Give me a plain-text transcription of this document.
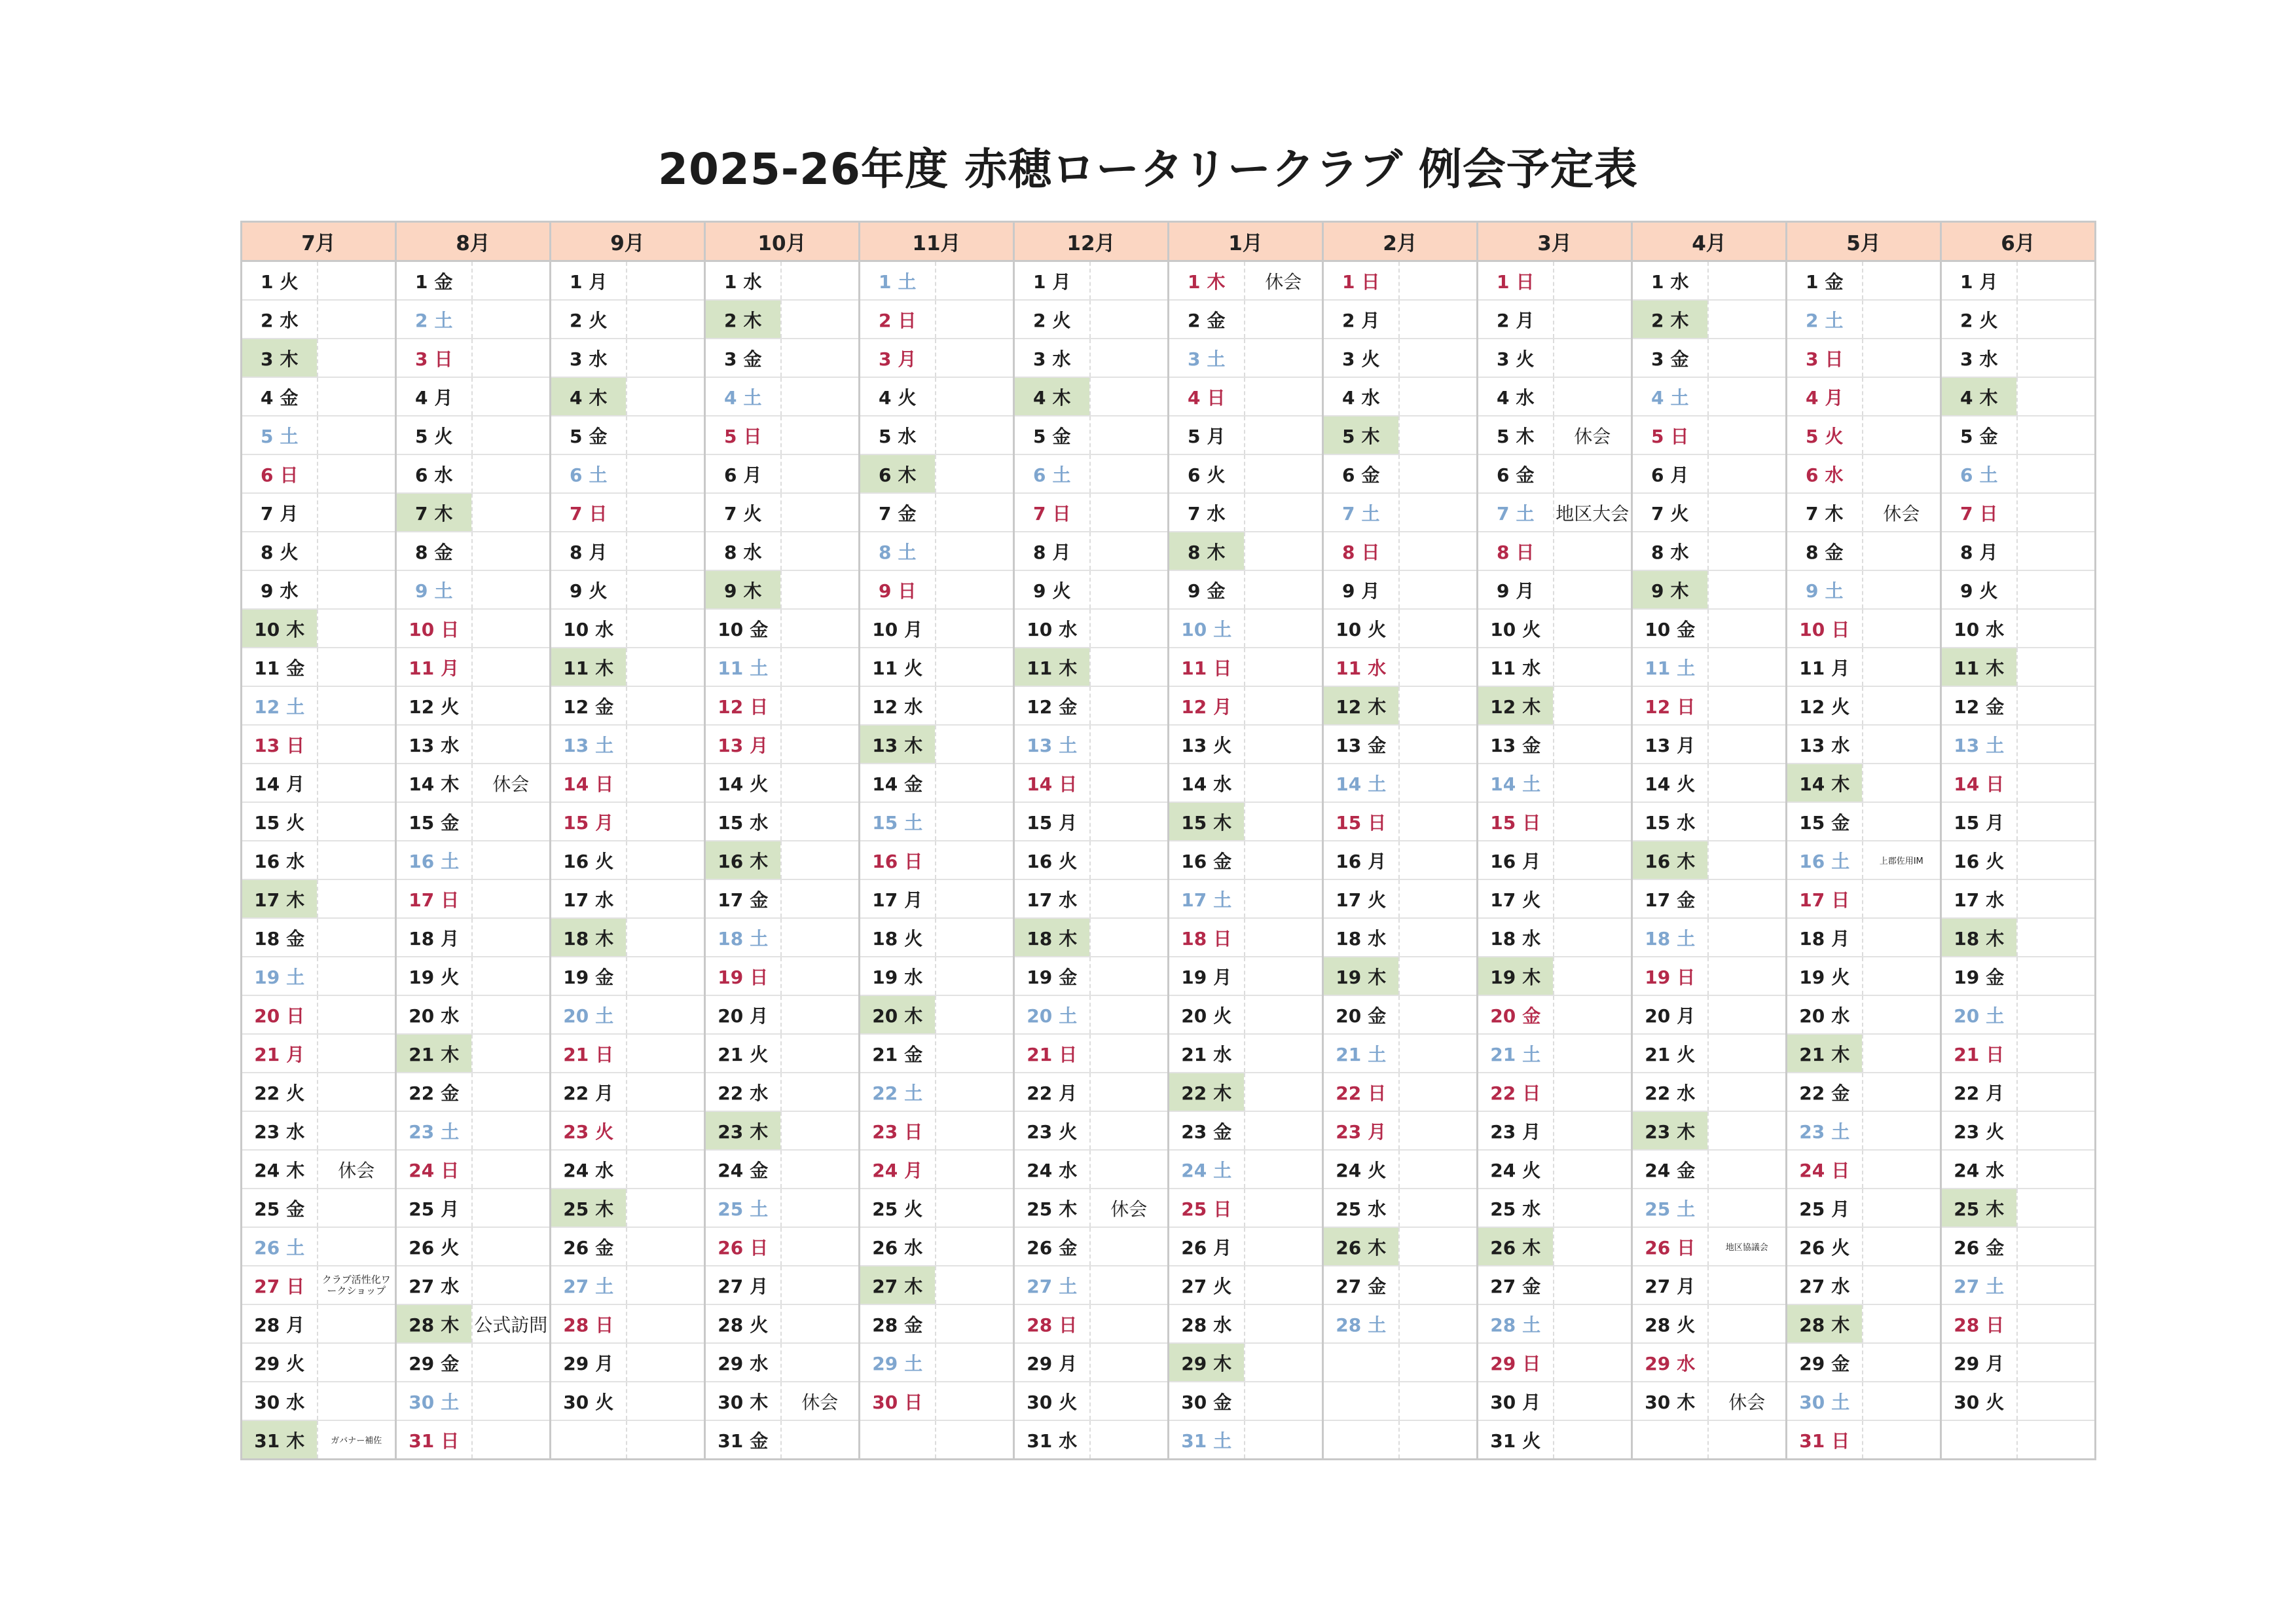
2025-26年度 赤穂ロータリークラブ 例会予定表
7月		8月		9月		10月		11月		12月		1月		2月		3月		4月		5月		6月	
1 火		1 金		1 月		1 水		1 土		1 月		1 木	休会	1 日		1 日		1 水		1 金		1 月	
2 水		2 土		2 火		2 木		2 日		2 火		2 金		2 月		2 月		2 木		2 土		2 火	
3 木		3 日		3 水		3 金		3 月		3 水		3 土		3 火		3 火		3 金		3 日		3 水	
4 金		4 月		4 木		4 土		4 火		4 木		4 日		4 水		4 水		4 土		4 月		4 木	
5 土		5 火		5 金		5 日		5 水		5 金		5 月		5 木		5 木	休会	5 日		5 火		5 金	
6 日		6 水		6 土		6 月		6 木		6 土		6 火		6 金		6 金		6 月		6 水		6 土	
7 月		7 木		7 日		7 火		7 金		7 日		7 水		7 土		7 土	地区大会	7 火		7 木	休会	7 日	
8 火		8 金		8 月		8 水		8 土		8 月		8 木		8 日		8 日		8 水		8 金		8 月	
9 水		9 土		9 火		9 木		9 日		9 火		9 金		9 月		9 月		9 木		9 土		9 火	
10 木		10 日		10 水		10 金		10 月		10 水		10 土		10 火		10 火		10 金		10 日		10 水	
11 金		11 月		11 木		11 土		11 火		11 木		11 日		11 水		11 水		11 土		11 月		11 木	
12 土		12 火		12 金		12 日		12 水		12 金		12 月		12 木		12 木		12 日		12 火		12 金	
13 日		13 水		13 土		13 月		13 木		13 土		13 火		13 金		13 金		13 月		13 水		13 土	
14 月		14 木	休会	14 日		14 火		14 金		14 日		14 水		14 土		14 土		14 火		14 木		14 日	
15 火		15 金		15 月		15 水		15 土		15 月		15 木		15 日		15 日		15 水		15 金		15 月	
16 水		16 土		16 火		16 木		16 日		16 火		16 金		16 月		16 月		16 木		16 土	上郡佐用IM	16 火	
17 木		17 日		17 水		17 金		17 月		17 水		17 土		17 火		17 火		17 金		17 日		17 水	
18 金		18 月		18 木		18 土		18 火		18 木		18 日		18 水		18 水		18 土		18 月		18 木	
19 土		19 火		19 金		19 日		19 水		19 金		19 月		19 木		19 木		19 日		19 火		19 金	
20 日		20 水		20 土		20 月		20 木		20 土		20 火		20 金		20 金		20 月		20 水		20 土	
21 月		21 木		21 日		21 火		21 金		21 日		21 水		21 土		21 土		21 火		21 木		21 日	
22 火		22 金		22 月		22 水		22 土		22 月		22 木		22 日		22 日		22 水		22 金		22 月	
23 水		23 土		23 火		23 木		23 日		23 火		23 金		23 月		23 月		23 木		23 土		23 火	
24 木	休会	24 日		24 水		24 金		24 月		24 水		24 土		24 火		24 火		24 金		24 日		24 水	
25 金		25 月		25 木		25 土		25 火		25 木	休会	25 日		25 水		25 水		25 土		25 月		25 木	
26 土		26 火		26 金		26 日		26 水		26 金		26 月		26 木		26 木		26 日	地区協議会	26 火		26 金	
27 日	クラブ活性化ワークショップ	27 水		27 土		27 月		27 木		27 土		27 火		27 金		27 金		27 月		27 水		27 土	
28 月		28 木	公式訪問	28 日		28 火		28 金		28 日		28 水		28 土		28 土		28 火		28 木		28 日	
29 火		29 金		29 月		29 水		29 土		29 月		29 木				29 日		29 水		29 金		29 月	
30 水		30 土		30 火		30 木	休会	30 日		30 火		30 金				30 月		30 木	休会	30 土		30 火	
31 木	ガバナー補佐	31 日				31 金				31 水		31 土				31 火				31 日			
